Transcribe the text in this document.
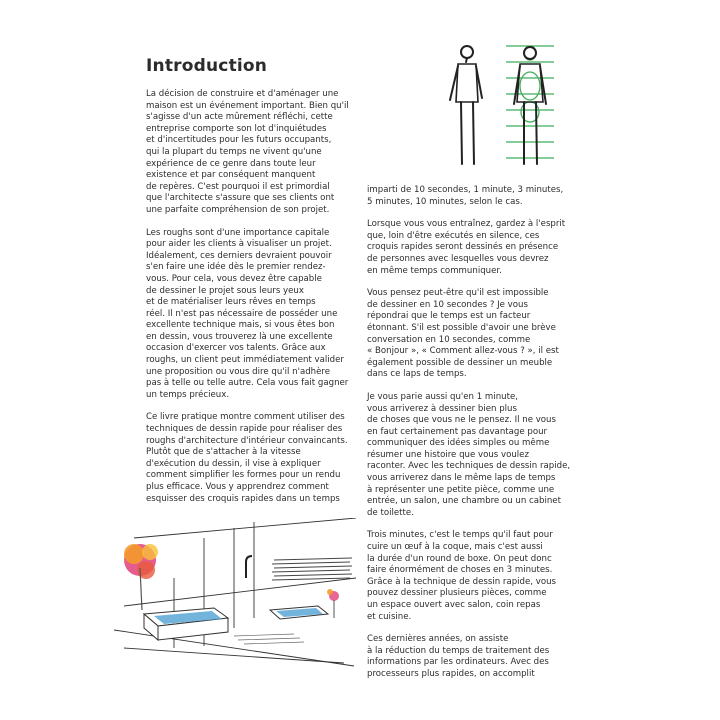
Introduction

La décision de construire et d'aménager une
maison est un événement important. Bien qu'il
s'agisse d'un acte mûrement réfléchi, cette
entreprise comporte son lot d'inquiétudes
et d'incertitudes pour les futurs occupants,
qui la plupart du temps ne vivent qu'une
expérience de ce genre dans toute leur
existence et par conséquent manquent
de repères. C'est pourquoi il est primordial
que l'architecte s'assure que ses clients ont
une parfaite compréhension de son projet.

Les roughs sont d'une importance capitale
pour aider les clients à visualiser un projet.
Idéalement, ces derniers devraient pouvoir
s'en faire une idée dès le premier rendez-
vous. Pour cela, vous devez être capable
de dessiner le projet sous leurs yeux
et de matérialiser leurs rêves en temps
réel. Il n'est pas nécessaire de posséder une
excellente technique mais, si vous êtes bon
en dessin, vous trouverez là une excellente
occasion d'exercer vos talents. Grâce aux
roughs, un client peut immédiatement valider
une proposition ou vous dire qu'il n'adhère
pas à telle ou telle autre. Cela vous fait gagner
un temps précieux.

Ce livre pratique montre comment utiliser des
techniques de dessin rapide pour réaliser des
roughs d'architecture d'intérieur convaincants.
Plutôt que de s'attacher à la vitesse
d'exécution du dessin, il vise à expliquer
comment simplifier les formes pour un rendu
plus efficace. Vous y apprendrez comment
esquisser des croquis rapides dans un temps

imparti de 10 secondes, 1 minute, 3 minutes,
5 minutes, 10 minutes, selon le cas.

Lorsque vous vous entraînez, gardez à l'esprit
que, loin d'être exécutés en silence, ces
croquis rapides seront dessinés en présence
de personnes avec lesquelles vous devrez
en même temps communiquer.

Vous pensez peut-être qu'il est impossible
de dessiner en 10 secondes ? Je vous
répondrai que le temps est un facteur
étonnant. S'il est possible d'avoir une brève
conversation en 10 secondes, comme
« Bonjour », « Comment allez-vous ? », il est
également possible de dessiner un meuble
dans ce laps de temps.

Je vous parie aussi qu'en 1 minute,
vous arriverez à dessiner bien plus
de choses que vous ne le pensez. Il ne vous
en faut certainement pas davantage pour
communiquer des idées simples ou même
résumer une histoire que vous voulez
raconter. Avec les techniques de dessin rapide,
vous arriverez dans le même laps de temps
à représenter une petite pièce, comme une
entrée, un salon, une chambre ou un cabinet
de toilette.

Trois minutes, c'est le temps qu'il faut pour
cuire un œuf à la coque, mais c'est aussi
la durée d'un round de boxe. On peut donc
faire énormément de choses en 3 minutes.
Grâce à la technique de dessin rapide, vous
pouvez dessiner plusieurs pièces, comme
un espace ouvert avec salon, coin repas
et cuisine.

Ces dernières années, on assiste
à la réduction du temps de traitement des
informations par les ordinateurs. Avec des
processeurs plus rapides, on accomplit
